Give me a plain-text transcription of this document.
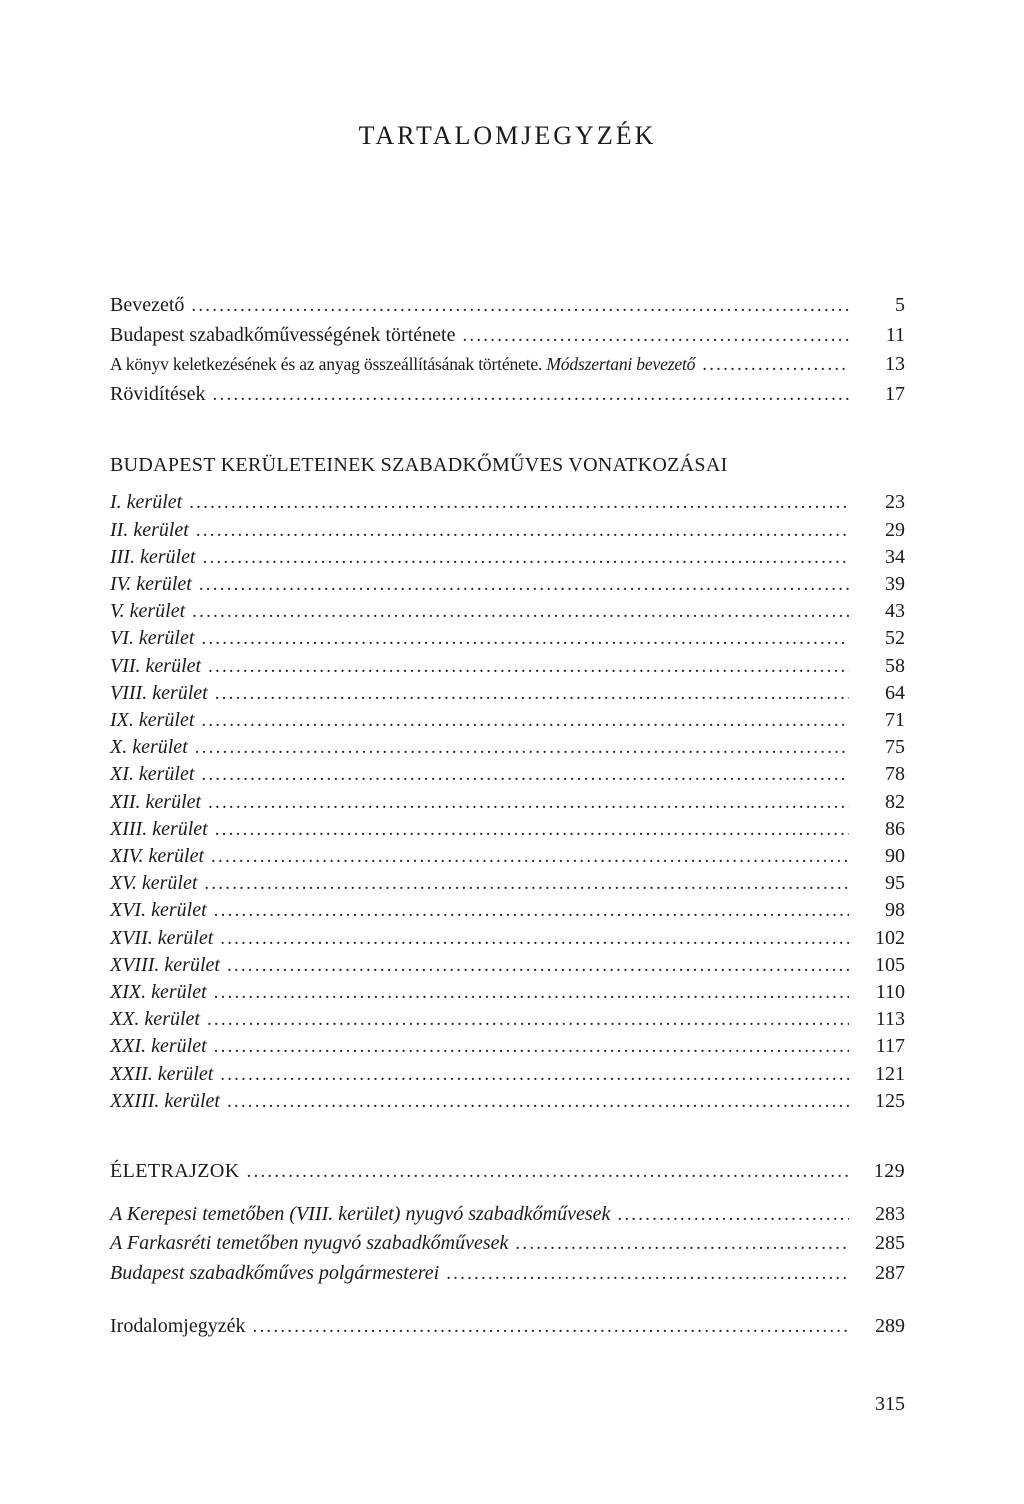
TARTALOMJEGYZÉK
Bevezető .....	5
Budapest szabadkőművességének története .....	11
A könyv keletkezésének és az anyag összeállításának története. Módszertani bevezető .....	13
Rövidítések .....	17
BUDAPEST KERÜLETEINEK SZABADKŐMŰVES VONATKOZÁSAI
I. kerület .....	23
II. kerület .....	29
III. kerület .....	34
IV. kerület .....	39
V. kerület .....	43
VI. kerület .....	52
VII. kerület .....	58
VIII. kerület .....	64
IX. kerület .....	71
X. kerület .....	75
XI. kerület .....	78
XII. kerület .....	82
XIII. kerület .....	86
XIV. kerület .....	90
XV. kerület .....	95
XVI. kerület .....	98
XVII. kerület .....	102
XVIII. kerület .....	105
XIX. kerület .....	110
XX. kerület .....	113
XXI. kerület .....	117
XXII. kerület .....	121
XXIII. kerület .....	125
ÉLETRAJZOK .....	129
A Kerepesi temetőben (VIII. kerület) nyugvó szabadkőművesek .....	283
A Farkasréti temetőben nyugvó szabadkőművesek .....	285
Budapest szabadkőműves polgármesterei .....	287
Irodalomjegyzék .....	289
315
